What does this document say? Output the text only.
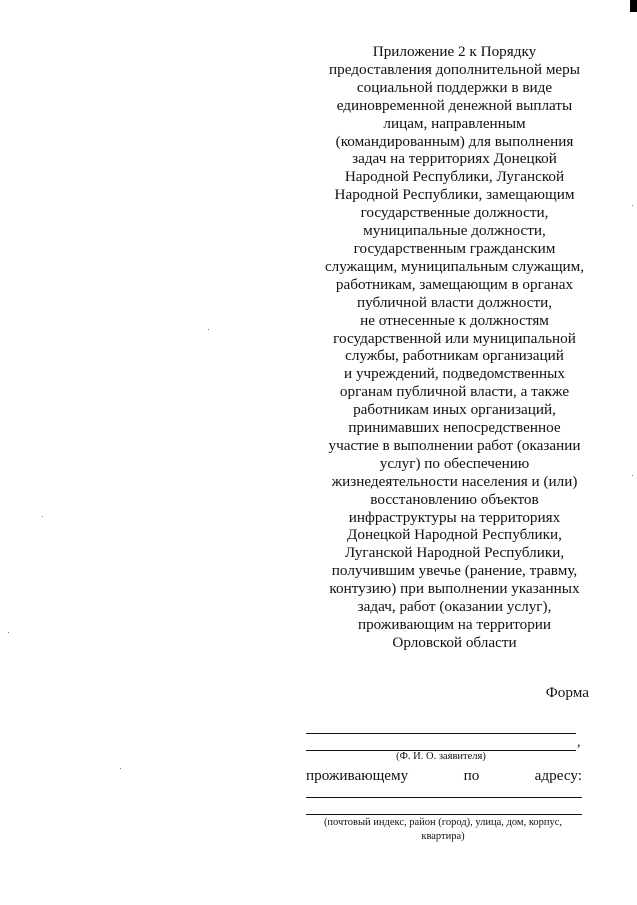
Приложение 2 к Порядку
предоставления дополнительной меры
социальной поддержки в виде
единовременной денежной выплаты
лицам, направленным
(командированным) для выполнения
задач на территориях Донецкой
Народной Республики, Луганской
Народной Республики, замещающим
государственные должности,
муниципальные должности,
государственным гражданским
служащим, муниципальным служащим,
работникам, замещающим в органах
публичной власти должности,
не отнесенные к должностям
государственной или муниципальной
службы, работникам организаций
и учреждений, подведомственных
органам публичной власти, а также
работникам иных организаций,
принимавших непосредственное
участие в выполнении работ (оказании
услуг) по обеспечению
жизнедеятельности населения и (или)
восстановлению объектов
инфраструктуры на территориях
Донецкой Народной Республики,
Луганской Народной Республики,
получившим увечье (ранение, травму,
контузию) при выполнении указанных
задач, работ (оказании услуг),
проживающим на территории
Орловской области
Форма
,
(Ф. И. О. заявителя)
проживающему	по	адресу:
(почтовый индекс, район (город), улица, дом, корпус,
квартира)
